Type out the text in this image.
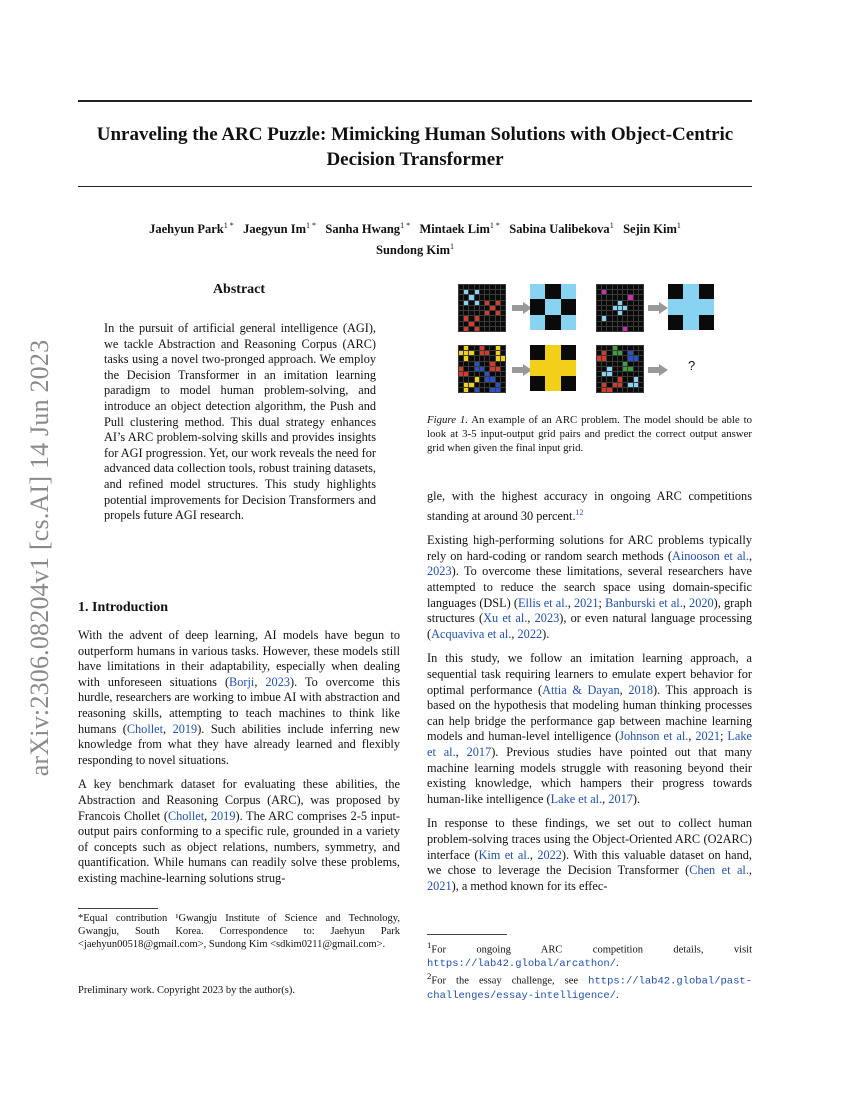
arXiv:2306.08204v1 [cs.AI] 14 Jun 2023
Unraveling the ARC Puzzle: Mimicking Human Solutions with Object-Centric
Decision Transformer
Jaehyun Park$^{1 *}$ Jaegyun $Im^{1 *}$ Sanha Hwang$^{1 *}$ Mintaek Lim$^{1 *}$ Sabina Ualibekova$^1$ Sejin Kim$^1$
Sundong Kim$^1$
Abstract

In the pursuit of artificial general intelligence (AGI), we tackle Abstraction and Reasoning Corpus (ARC) tasks using a novel two-pronged approach. We employ the Decision Transformer in an imitation learning paradigm to model human problem-solving, and introduce an object detection algorithm, the Push and Pull clustering method. This dual strategy enhances AI’s ARC problem-solving skills and provides insights for AGI progression. Yet, our work reveals the need for advanced data collection tools, robust training datasets, and refined model structures. This study highlights potential improvements for Decision Transformers and propels future AGI research.

1. Introduction

With the advent of deep learning, AI models have begun to outperform humans in various tasks. However, these models still have limitations in their adaptability, especially when dealing with unforeseen situations (Borji, 2023). To overcome this hurdle, researchers are working to imbue AI with abstraction and reasoning skills, attempting to teach machines to think like humans (Chollet, 2019). Such abilities include inferring new knowledge from what they have already learned and flexibly responding to novel situations.

A key benchmark dataset for evaluating these abilities, the Abstraction and Reasoning Corpus (ARC), was proposed by Francois Chollet (Chollet, 2019). The ARC comprises 2-5 input-output pairs conforming to a specific rule, grounded in a variety of concepts such as object relations, numbers, symmetry, and quantification. While humans can readily solve these problems, existing machine-learning solutions strug-

*Equal contribution ¹Gwangju Institute of Science and Technology, Gwangju, South Korea. Correspondence to: Jaehyun Park <jaehyun00518@gmail.com>, Sundong Kim <sdkim0211@gmail.com>.
Preliminary work. Copyright 2023 by the author(s).
?
Figure 1. An example of an ARC problem. The model should be able to look at 3-5 input-output grid pairs and predict the correct output answer grid when given the final input grid.

gle, with the highest accuracy in ongoing ARC competitions standing at around 30 percent.$^{12}$

Existing high-performing solutions for ARC problems typically rely on hard-coding or random search methods (Ainooson et al., 2023). To overcome these limitations, several researchers have attempted to reduce the search space using domain-specific languages (DSL) (Ellis et al., 2021; Banburski et al., 2020), graph structures (Xu et al., 2023), or even natural language processing (Acquaviva et al., 2022).

In this study, we follow an imitation learning approach, a sequential task requiring learners to emulate expert behavior for optimal performance (Attia & Dayan, 2018). This approach is based on the hypothesis that modeling human thinking processes can help bridge the performance gap between machine learning models and human-level intelligence (Johnson et al., 2021; Lake et al., 2017). Previous studies have pointed out that many machine learning models struggle with reasoning beyond their existing knowledge, which hampers their progress towards human-like intelligence (Lake et al., 2017).

In response to these findings, we set out to collect human problem-solving traces using the Object-Oriented ARC (O2ARC) interface (Kim et al., 2022). With this valuable dataset on hand, we chose to leverage the Decision Transformer (Chen et al., 2021), a method known for its effec-

$^1$For ongoing ARC competition details, visit https://lab42.global/arcathon/.
$^2$For the essay challenge, see https://lab42.global/past-challenges/essay-intelligence/.
